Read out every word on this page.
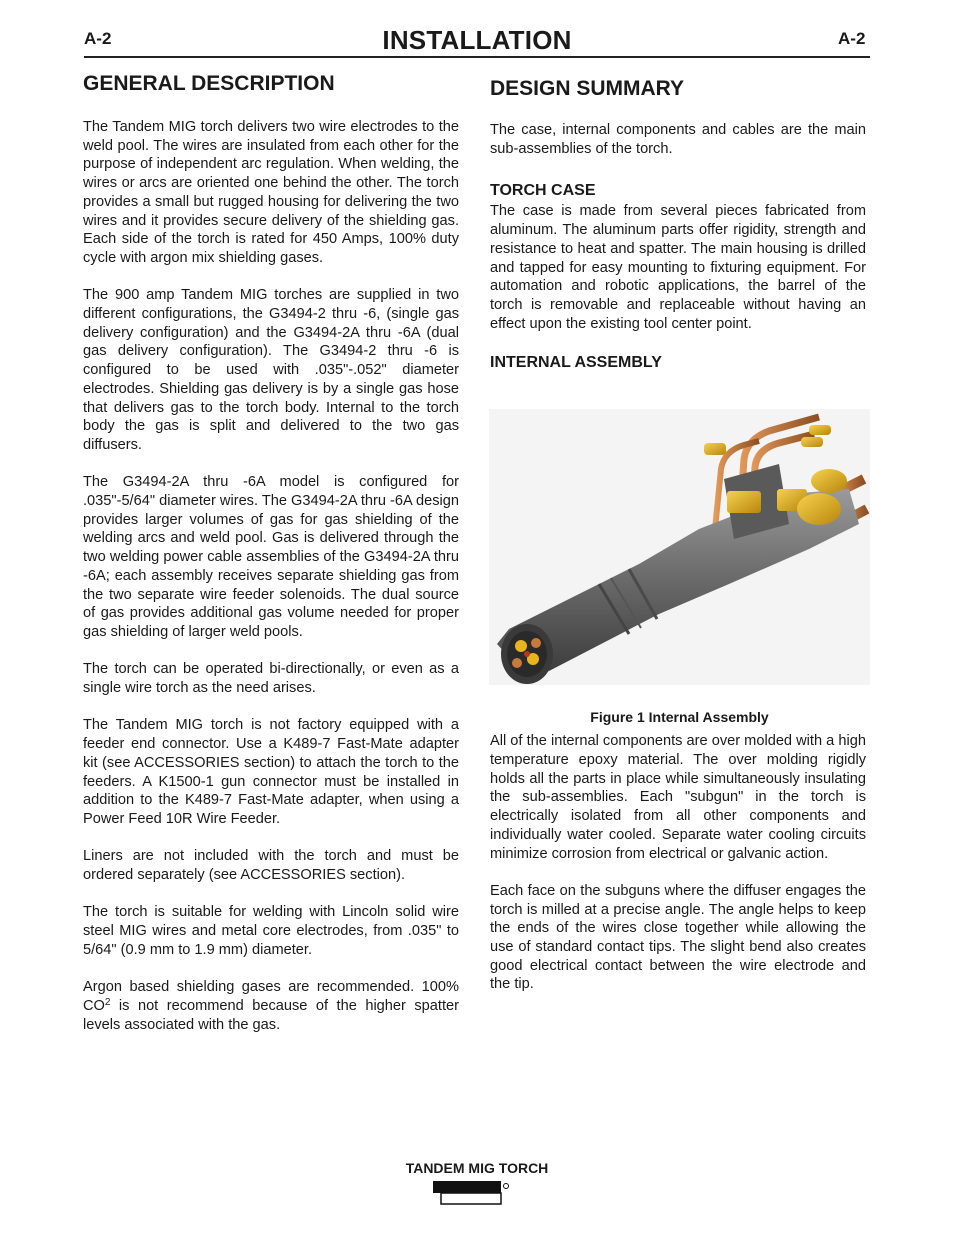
A-2	INSTALLATION	A-2
GENERAL DESCRIPTION

The Tandem MIG torch delivers two wire electrodes to the weld pool. The wires are insulated from each other for the purpose of independent arc regulation. When welding, the wires or arcs are oriented one behind the other. The torch provides a small but rugged housing for delivering the two wires and it provides secure delivery of the shielding gas. Each side of the torch is rated for 450 Amps, 100% duty cycle with argon mix shielding gases.

The 900 amp Tandem MIG torches are supplied in two different configurations, the G3494-2 thru -6, (single gas delivery configuration) and the G3494-2A thru -6A (dual gas delivery configuration). The G3494-2 thru -6 is configured to be used with .035"-.052" diameter electrodes. Shielding gas delivery is by a single gas hose that delivers gas to the torch body. Internal to the torch body the gas is split and delivered to the two gas diffusers.

The G3494-2A thru -6A model is configured for .035"-5/64" diameter wires. The G3494-2A thru -6A design provides larger volumes of gas for gas shielding of the welding arcs and weld pool. Gas is delivered through the two welding power cable assemblies of the G3494-2A thru -6A; each assembly receives separate shielding gas from the two separate wire feeder solenoids. The dual source of gas provides additional gas volume needed for proper gas shielding of larger weld pools.

The torch can be operated bi-directionally, or even as a single wire torch as the need arises.

The Tandem MIG torch is not factory equipped with a feeder end connector. Use a K489-7 Fast-Mate adapter kit (see ACCESSORIES section) to attach the torch to the feeders. A K1500-1 gun connector must be installed in addition to the K489-7 Fast-Mate adapter, when using a Power Feed 10R Wire Feeder.

Liners are not included with the torch and must be ordered separately (see ACCESSORIES section).

The torch is suitable for welding with Lincoln solid wire steel MIG wires and metal core electrodes, from .035" to 5/64" (0.9 mm to 1.9 mm) diameter.

Argon based shielding gases are recommended. 100% $CO^2$ is not recommend because of the higher spatter levels associated with the gas.

DESIGN SUMMARY

The case, internal components and cables are the main sub-assemblies of the torch.

TORCH CASE

The case is made from several pieces fabricated from aluminum. The aluminum parts offer rigidity, strength and resistance to heat and spatter. The main housing is drilled and tapped for easy mounting to fixturing equipment. For automation and robotic applications, the barrel of the torch is removable and replaceable without having an effect upon the existing tool center point.

INTERNAL ASSEMBLY

All of the internal components are over molded with a high temperature epoxy material. The over molding rigidly holds all the parts in place while simultaneously insulating the sub-assemblies. Each "subgun" in the torch is electrically isolated from all other components and individually water cooled. Separate water cooling circuits minimize corrosion from electrical or galvanic action.

Each face on the subguns where the diffuser engages the torch is milled at a precise angle. The angle helps to keep the ends of the wires close together while allowing the use of standard contact tips. The slight bend also creates good electrical contact between the wire electrode and the tip.

Figure 1 Internal Assembly
TANDEM MIG TORCH
